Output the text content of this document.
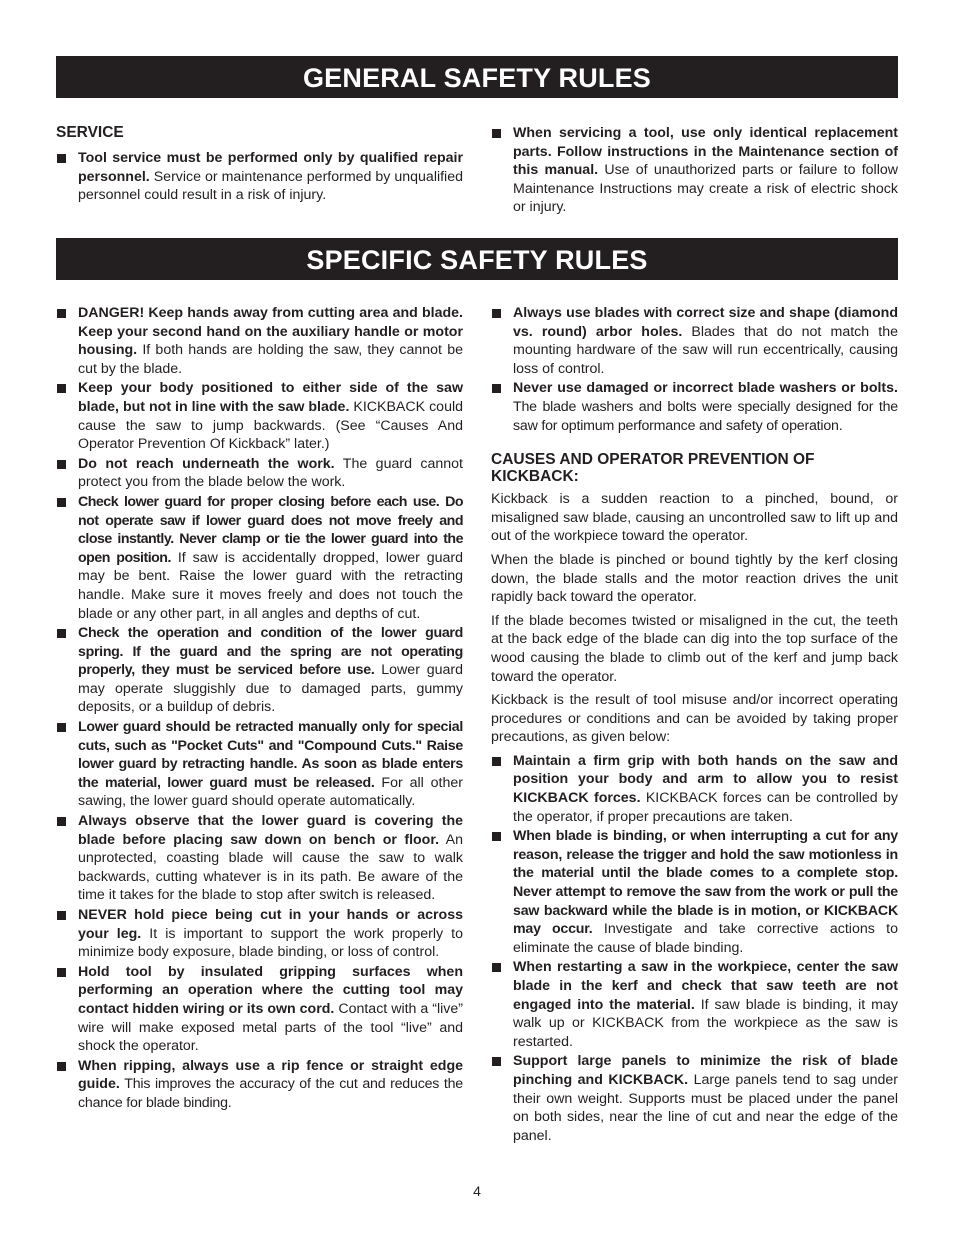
GENERAL SAFETY RULES
SERVICE
Tool service must be performed only by qualified repair personnel. Service or maintenance performed by unqualified personnel could result in a risk of injury.
When servicing a tool, use only identical replacement parts. Follow instructions in the Maintenance section of this manual. Use of unauthorized parts or failure to follow Maintenance Instructions may create a risk of electric shock or injury.
SPECIFIC SAFETY RULES
DANGER! Keep hands away from cutting area and blade. Keep your second hand on the auxiliary handle or motor housing. If both hands are holding the saw, they cannot be cut by the blade.
Keep your body positioned to either side of the saw blade, but not in line with the saw blade. KICKBACK could cause the saw to jump backwards. (See “Causes And Operator Prevention Of Kickback” later.)
Do not reach underneath the work. The guard cannot protect you from the blade below the work.
Check lower guard for proper closing before each use. Do not operate saw if lower guard does not move freely and close instantly. Never clamp or tie the lower guard into the open position. If saw is accidentally dropped, lower guard may be bent. Raise the lower guard with the retracting handle. Make sure it moves freely and does not touch the blade or any other part, in all angles and depths of cut.
Check the operation and condition of the lower guard spring. If the guard and the spring are not operating properly, they must be serviced before use. Lower guard may operate sluggishly due to damaged parts, gummy deposits, or a buildup of debris.
Lower guard should be retracted manually only for special cuts, such as "Pocket Cuts" and "Compound Cuts." Raise lower guard by retracting handle. As soon as blade enters the material, lower guard must be released. For all other sawing, the lower guard should operate automatically.
Always observe that the lower guard is covering the blade before placing saw down on bench or floor. An unprotected, coasting blade will cause the saw to walk backwards, cutting whatever is in its path. Be aware of the time it takes for the blade to stop after switch is released.
NEVER hold piece being cut in your hands or across your leg. It is important to support the work properly to minimize body exposure, blade binding, or loss of control.
Hold tool by insulated gripping surfaces when performing an operation where the cutting tool may contact hidden wiring or its own cord. Contact with a “live” wire will make exposed metal parts of the tool “live” and shock the operator.
When ripping, always use a rip fence or straight edge guide. This improves the accuracy of the cut and reduces the chance for blade binding.
Always use blades with correct size and shape (diamond vs. round) arbor holes. Blades that do not match the mounting hardware of the saw will run eccentrically, causing loss of control.
Never use damaged or incorrect blade washers or bolts. The blade washers and bolts were specially designed for the saw for optimum performance and safety of operation.
CAUSES AND OPERATOR PREVENTION OF KICKBACK:

Kickback is a sudden reaction to a pinched, bound, or misaligned saw blade, causing an uncontrolled saw to lift up and out of the workpiece toward the operator.

When the blade is pinched or bound tightly by the kerf closing down, the blade stalls and the motor reaction drives the unit rapidly back toward the operator.

If the blade becomes twisted or misaligned in the cut, the teeth at the back edge of the blade can dig into the top surface of the wood causing the blade to climb out of the kerf and jump back toward the operator.

Kickback is the result of tool misuse and/or incorrect operating procedures or conditions and can be avoided by taking proper precautions, as given below:

Maintain a firm grip with both hands on the saw and position your body and arm to allow you to resist KICKBACK forces. KICKBACK forces can be controlled by the operator, if proper precautions are taken.
When blade is binding, or when interrupting a cut for any reason, release the trigger and hold the saw motionless in the material until the blade comes to a complete stop. Never attempt to remove the saw from the work or pull the saw backward while the blade is in motion, or KICKBACK may occur. Investigate and take corrective actions to eliminate the cause of blade binding.
When restarting a saw in the workpiece, center the saw blade in the kerf and check that saw teeth are not engaged into the material. If saw blade is binding, it may walk up or KICKBACK from the workpiece as the saw is restarted.
Support large panels to minimize the risk of blade pinching and KICKBACK. Large panels tend to sag under their own weight. Supports must be placed under the panel on both sides, near the line of cut and near the edge of the panel.
4
